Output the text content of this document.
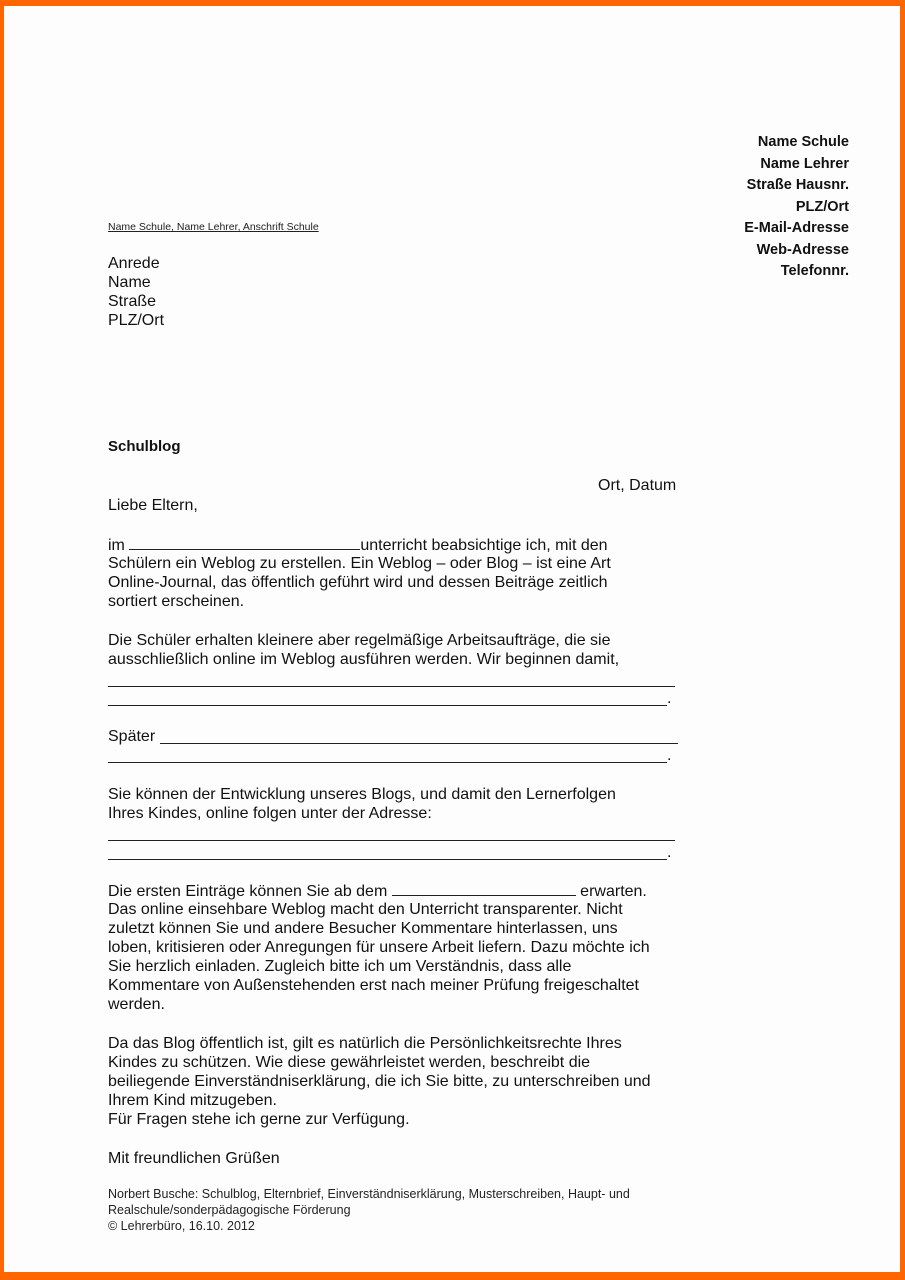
Name Schule
Name Lehrer
Straße Hausnr.
PLZ/Ort
E-Mail-Adresse
Web-Adresse
Telefonnr.
Name Schule, Name Lehrer, Anschrift Schule
Anrede
Name
Straße
PLZ/Ort
Schulblog
Ort, Datum
Liebe Eltern,
im	unterricht beabsichtige ich, mit den
Schülern ein Weblog zu erstellen. Ein Weblog – oder Blog – ist eine Art
Online-Journal, das öffentlich geführt wird und dessen Beiträge zeitlich
sortiert erscheinen.
Die Schüler erhalten kleinere aber regelmäßige Arbeitsaufträge, die sie
ausschließlich online im Weblog ausführen werden. Wir beginnen damit,
.
Später
.
Sie können der Entwicklung unseres Blogs, und damit den Lernerfolgen
Ihres Kindes, online folgen unter der Adresse:
.
Die ersten Einträge können Sie ab dem	erwarten.
Das online einsehbare Weblog macht den Unterricht transparenter. Nicht
zuletzt können Sie und andere Besucher Kommentare hinterlassen, uns
loben, kritisieren oder Anregungen für unsere Arbeit liefern. Dazu möchte ich
Sie herzlich einladen. Zugleich bitte ich um Verständnis, dass alle
Kommentare von Außenstehenden erst nach meiner Prüfung freigeschaltet
werden.
Da das Blog öffentlich ist, gilt es natürlich die Persönlichkeitsrechte Ihres
Kindes zu schützen. Wie diese gewährleistet werden, beschreibt die
beiliegende Einverständniserklärung, die ich Sie bitte, zu unterschreiben und
Ihrem Kind mitzugeben.
Für Fragen stehe ich gerne zur Verfügung.
Mit freundlichen Grüßen
Norbert Busche: Schulblog, Elternbrief, Einverständniserklärung, Musterschreiben, Haupt- und
Realschule/sonderpädagogische Förderung
© Lehrerbüro, 16.10. 2012
